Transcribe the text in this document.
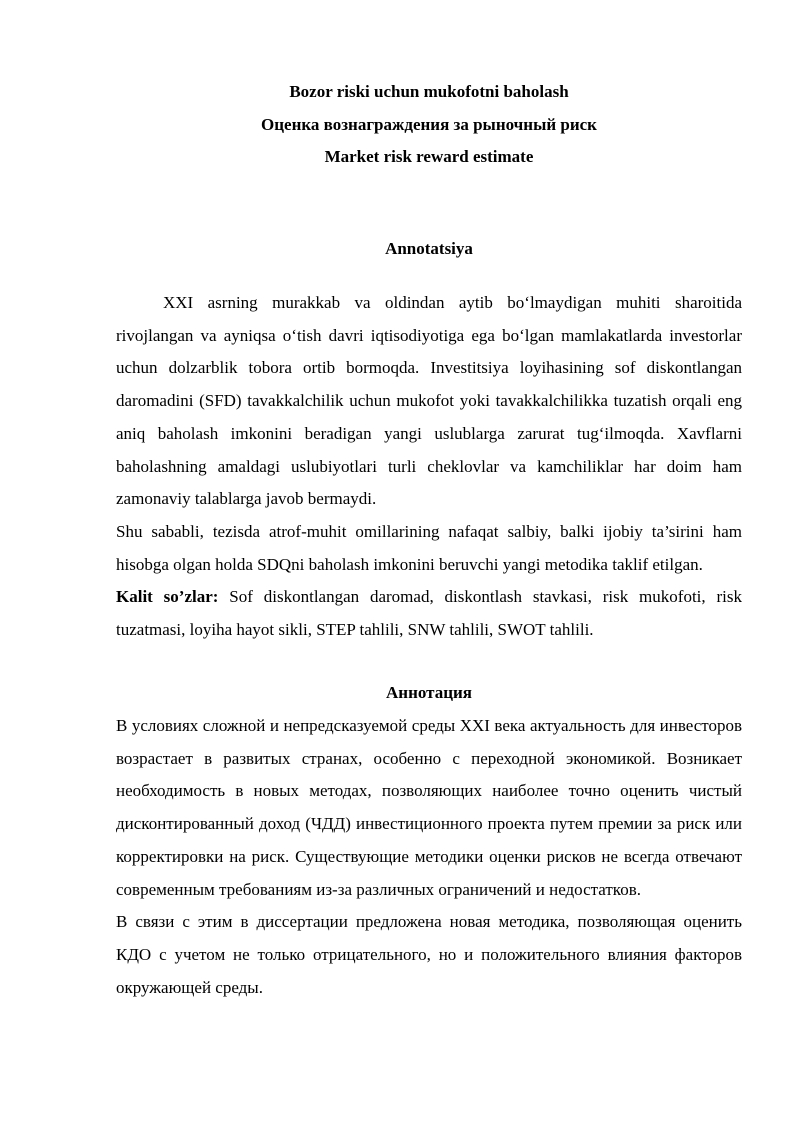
Bozor riski uchun mukofotni baholash
Оценка вознаграждения за рыночный риск
Market risk reward estimate
Annotatsiya

XXI asrning murakkab va oldindan aytib bo‘lmaydigan muhiti sharoitida rivojlangan va ayniqsa o‘tish davri iqtisodiyotiga ega bo‘lgan mamlakatlarda investorlar uchun dolzarblik tobora ortib bormoqda. Investitsiya loyihasining sof diskontlangan daromadini (SFD) tavakkalchilik uchun mukofot yoki tavakkalchilikka tuzatish orqali eng aniq baholash imkonini beradigan yangi uslublarga zarurat tug‘ilmoqda. Xavflarni baholashning amaldagi uslubiyotlari turli cheklovlar va kamchiliklar har doim ham zamonaviy talablarga javob bermaydi.

Shu sababli, tezisda atrof-muhit omillarining nafaqat salbiy, balki ijobiy ta’sirini ham hisobga olgan holda SDQni baholash imkonini beruvchi yangi metodika taklif etilgan.

Kalit so’zlar: Sof diskontlangan daromad, diskontlash stavkasi, risk mukofoti, risk tuzatmasi, loyiha hayot sikli, STEP tahlili, SNW tahlili, SWOT tahlili.

Аннотация

В условиях сложной и непредсказуемой среды XXI века актуальность для инвесторов возрастает в развитых странах, особенно с переходной экономикой. Возникает необходимость в новых методах, позволяющих наиболее точно оценить чистый дисконтированный доход (ЧДД) инвестиционного проекта путем премии за риск или корректировки на риск. Существующие методики оценки рисков не всегда отвечают современным требованиям из-за различных ограничений и недостатков.

В связи с этим в диссертации предложена новая методика, позволяющая оценить КДО с учетом не только отрицательного, но и положительного влияния факторов окружающей среды.
